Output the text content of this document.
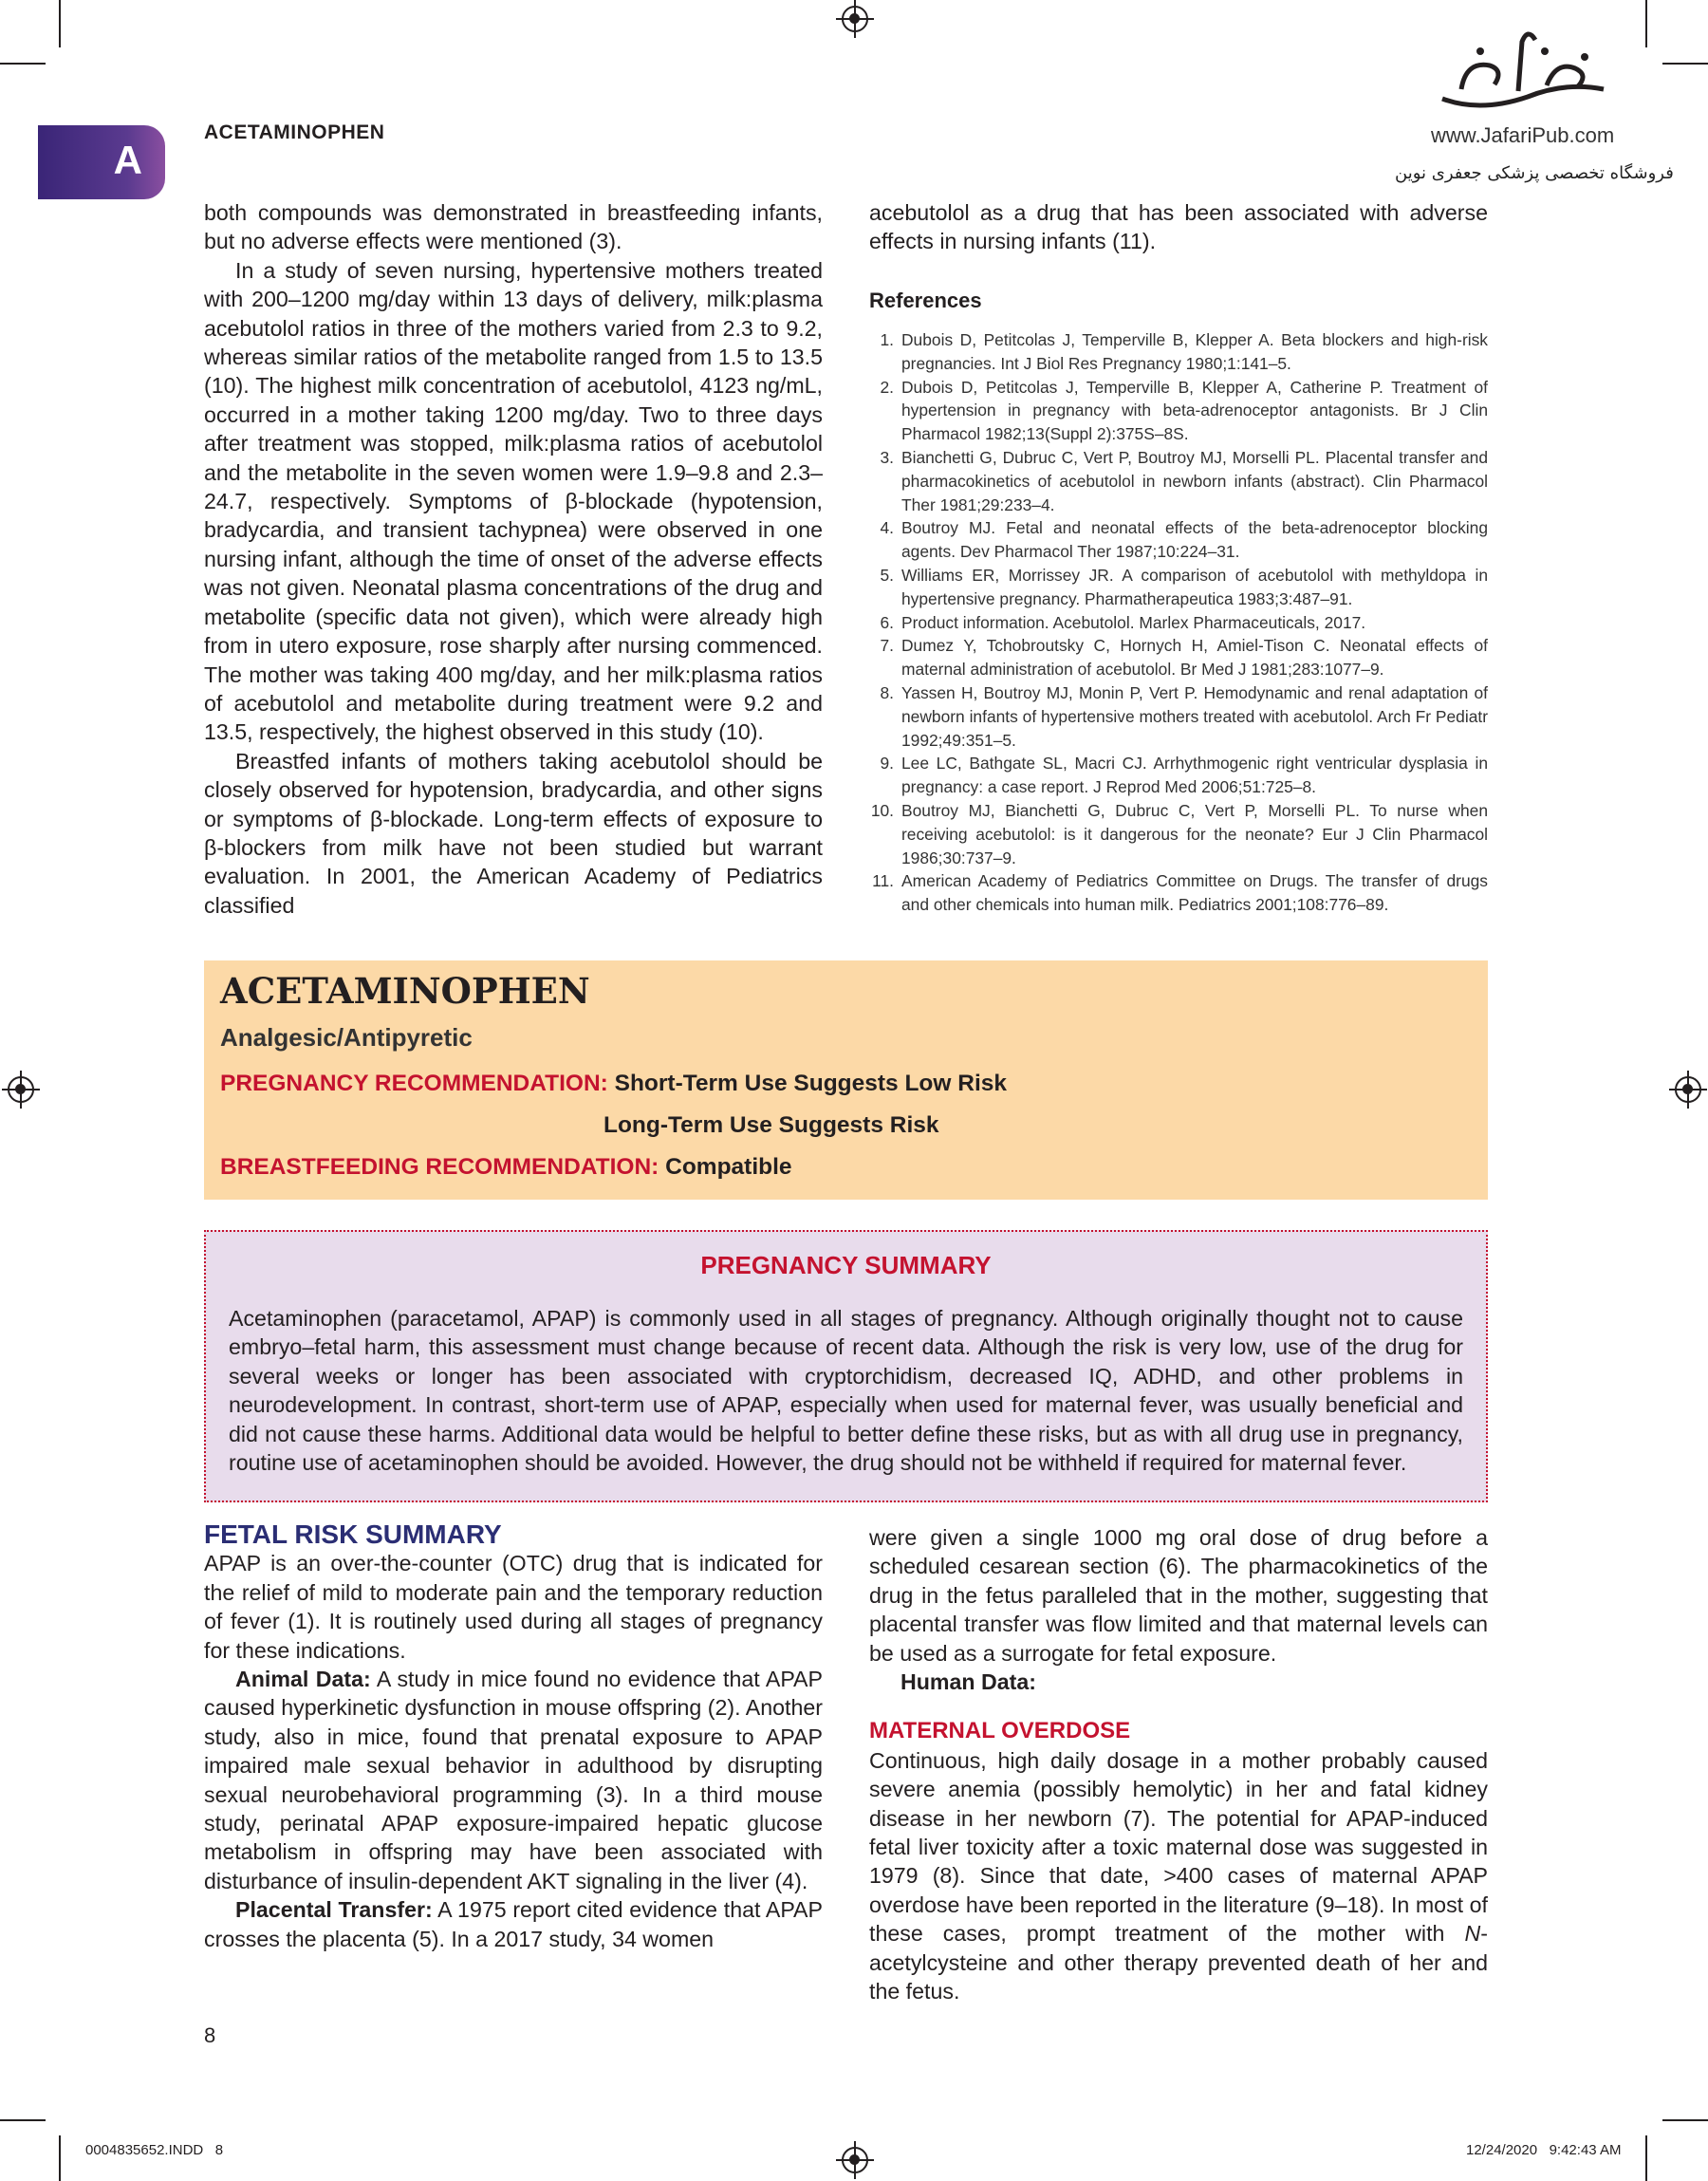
www.JafariPub.com
فروشگاه تخصصی پزشکی جعفری نوین
A
ACETAMINOPHEN

both compounds was demonstrated in breastfeeding infants, but no adverse effects were mentioned (3).

In a study of seven nursing, hypertensive mothers treated with 200–1200 mg/day within 13 days of delivery, milk:plasma acebutolol ratios in three of the mothers varied from 2.3 to 9.2, whereas similar ratios of the metabolite ranged from 1.5 to 13.5 (10). The highest milk concentration of acebutolol, 4123 ng/mL, occurred in a mother taking 1200 mg/day. Two to three days after treatment was stopped, milk:plasma ratios of acebutolol and the metabolite in the seven women were 1.9–9.8 and 2.3–24.7, respectively. Symptoms of β-blockade (hypotension, bradycardia, and transient tachypnea) were observed in one nursing infant, although the time of onset of the adverse effects was not given. Neonatal plasma concentrations of the drug and metabolite (specific data not given), which were already high from in utero exposure, rose sharply after nursing commenced. The mother was taking 400 mg/day, and her milk:plasma ratios of acebutolol and metabolite during treatment were 9.2 and 13.5, respectively, the highest observed in this study (10).

Breastfed infants of mothers taking acebutolol should be closely observed for hypotension, bradycardia, and other signs or symptoms of β-blockade. Long-term effects of exposure to β-blockers from milk have not been studied but warrant evaluation. In 2001, the American Academy of Pediatrics classified

acebutolol as a drug that has been associated with adverse effects in nursing infants (11).

References

1. Dubois D, Petitcolas J, Temperville B, Klepper A. Beta blockers and high-risk pregnancies. Int J Biol Res Pregnancy 1980;1:141–5.
2. Dubois D, Petitcolas J, Temperville B, Klepper A, Catherine P. Treatment of hypertension in pregnancy with beta-adrenoceptor antagonists. Br J Clin Pharmacol 1982;13(Suppl 2):375S–8S.
3. Bianchetti G, Dubruc C, Vert P, Boutroy MJ, Morselli PL. Placental transfer and pharmacokinetics of acebutolol in newborn infants (abstract). Clin Pharmacol Ther 1981;29:233–4.
4. Boutroy MJ. Fetal and neonatal effects of the beta-adrenoceptor blocking agents. Dev Pharmacol Ther 1987;10:224–31.
5. Williams ER, Morrissey JR. A comparison of acebutolol with methyldopa in hypertensive pregnancy. Pharmatherapeutica 1983;3:487–91.
6. Product information. Acebutolol. Marlex Pharmaceuticals, 2017.
7. Dumez Y, Tchobroutsky C, Hornych H, Amiel-Tison C. Neonatal effects of maternal administration of acebutolol. Br Med J 1981;283:1077–9.
8. Yassen H, Boutroy MJ, Monin P, Vert P. Hemodynamic and renal adaptation of newborn infants of hypertensive mothers treated with acebutolol. Arch Fr Pediatr 1992;49:351–5.
9. Lee LC, Bathgate SL, Macri CJ. Arrhythmogenic right ventricular dysplasia in pregnancy: a case report. J Reprod Med 2006;51:725–8.
10. Boutroy MJ, Bianchetti G, Dubruc C, Vert P, Morselli PL. To nurse when receiving acebutolol: is it dangerous for the neonate? Eur J Clin Pharmacol 1986;30:737–9.
11. American Academy of Pediatrics Committee on Drugs. The transfer of drugs and other chemicals into human milk. Pediatrics 2001;108:776–89.
ACETAMINOPHEN
Analgesic/Antipyretic
PREGNANCY RECOMMENDATION: Short-Term Use Suggests Low Risk
Long-Term Use Suggests Risk
BREASTFEEDING RECOMMENDATION: Compatible
PREGNANCY SUMMARY

Acetaminophen (paracetamol, APAP) is commonly used in all stages of pregnancy. Although originally thought not to cause embryo–fetal harm, this assessment must change because of recent data. Although the risk is very low, use of the drug for several weeks or longer has been associated with cryptorchidism, decreased IQ, ADHD, and other problems in neurodevelopment. In contrast, short-term use of APAP, especially when used for maternal fever, was usually beneficial and did not cause these harms. Additional data would be helpful to better define these risks, but as with all drug use in pregnancy, routine use of acetaminophen should be avoided. However, the drug should not be withheld if required for maternal fever.

FETAL RISK SUMMARY

APAP is an over-the-counter (OTC) drug that is indicated for the relief of mild to moderate pain and the temporary reduction of fever (1). It is routinely used during all stages of pregnancy for these indications.

Animal Data: A study in mice found no evidence that APAP caused hyperkinetic dysfunction in mouse offspring (2). Another study, also in mice, found that prenatal exposure to APAP impaired male sexual behavior in adulthood by disrupting sexual neurobehavioral programming (3). In a third mouse study, perinatal APAP exposure-impaired hepatic glucose metabolism in offspring may have been associated with disturbance of insulin-dependent AKT signaling in the liver (4).

Placental Transfer: A 1975 report cited evidence that APAP crosses the placenta (5). In a 2017 study, 34 women

were given a single 1000 mg oral dose of drug before a scheduled cesarean section (6). The pharmacokinetics of the drug in the fetus paralleled that in the mother, suggesting that placental transfer was flow limited and that maternal levels can be used as a surrogate for fetal exposure.

Human Data:

MATERNAL OVERDOSE

Continuous, high daily dosage in a mother probably caused severe anemia (possibly hemolytic) in her and fatal kidney disease in her newborn (7). The potential for APAP-induced fetal liver toxicity after a toxic maternal dose was suggested in 1979 (8). Since that date, >400 cases of maternal APAP overdose have been reported in the literature (9–18). In most of these cases, prompt treatment of the mother with N-acetylcysteine and other therapy prevented death of her and the fetus.

8
0004835652.INDD   8	12/24/2020   9:42:43 AM
